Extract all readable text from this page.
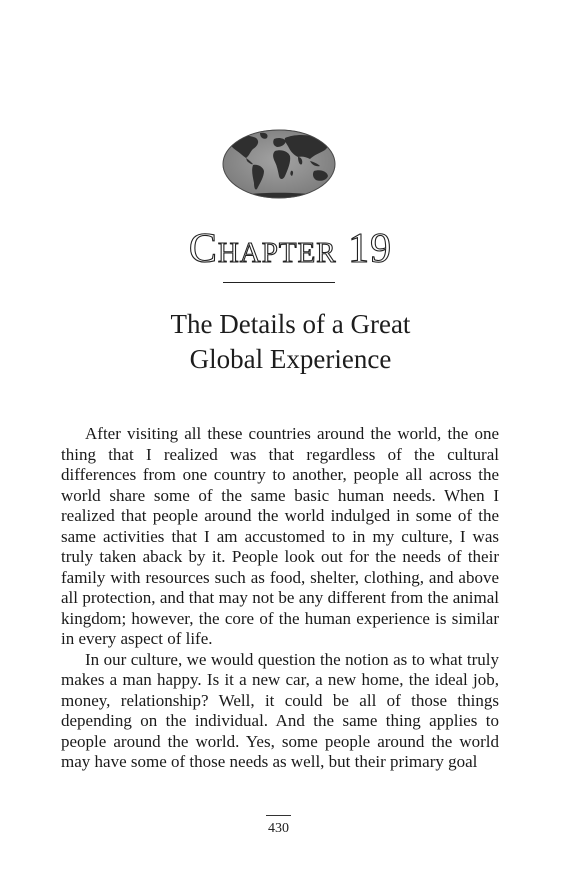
Chapter 19
The Details of a Great
Global Experience

After visiting all these countries around the world, the one thing that I realized was that regardless of the cultural differences from one country to another, people all across the world share some of the same basic human needs. When I realized that people around the world indulged in some of the same activities that I am accustomed to in my culture, I was truly taken aback by it. People look out for the needs of their family with resources such as food, shelter, clothing, and above all protection, and that may not be any different from the animal kingdom; however, the core of the human experience is similar in every aspect of life.

In our culture, we would question the notion as to what truly makes a man happy. Is it a new car, a new home, the ideal job, money, relationship? Well, it could be all of those things depending on the individual. And the same thing applies to people around the world. Yes, some people around the world may have some of those needs as well, but their primary goal

430
